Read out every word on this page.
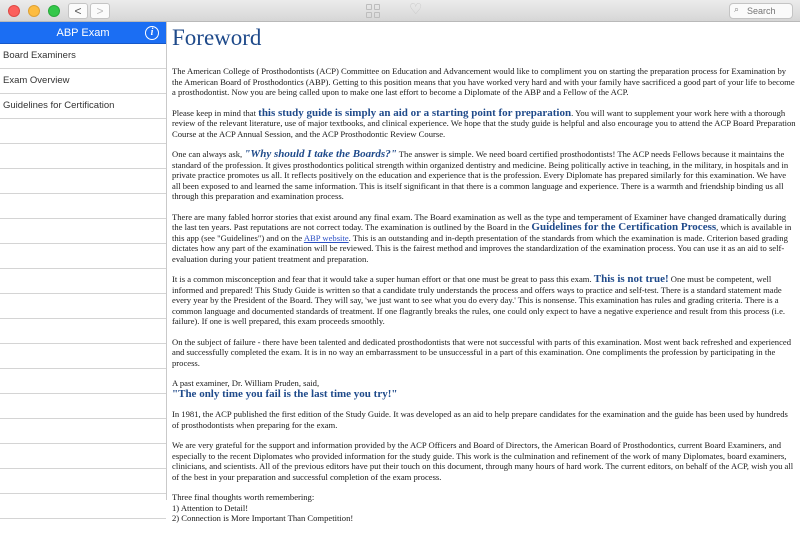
<	>	♡
Search	⌕
ABP Exam	i
Board Examiners
Exam Overview
Guidelines for Certification
Foreword

The American College of Prosthodontists (ACP) Committee on Education and Advancement would like to compliment you on starting the preparation process for Examination by the American Board of Prosthodontics (ABP). Getting to this position means that you have worked very hard and with your family have sacrificed a good part of your life to become a prosthodontist. Now you are being called upon to make one last effort to become a Diplomate of the ABP and a Fellow of the ACP.

Please keep in mind that this study guide is simply an aid or a starting point for preparation. You will want to supplement your work here with a thorough review of the relevant literature, use of major textbooks, and clinical experience. We hope that the study guide is helpful and also encourage you to attend the ACP Board Preparation Course at the ACP Annual Session, and the ACP Prosthodontic Review Course.

One can always ask, "Why should I take the Boards?" The answer is simple. We need board certified prosthodontists! The ACP needs Fellows because it maintains the standard of the profession. It gives prosthodontics political strength within organized dentistry and medicine. Being politically active in teaching, in the military, in hospitals and in private practice promotes us all. It reflects positively on the education and experience that is the profession. Every Diplomate has prepared similarly for this examination. We have all been exposed to and learned the same information. This is itself significant in that there is a common language and experience. There is a warmth and friendship binding us all through this preparation and examination process.

There are many fabled horror stories that exist around any final exam. The Board examination as well as the type and temperament of Examiner have changed dramatically during the last ten years. Past reputations are not correct today. The examination is outlined by the Board in the Guidelines for the Certification Process, which is available in this app (see "Guidelines") and on the ABP website. This is an outstanding and in-depth presentation of the standards from which the examination is made. Criterion based grading dictates how any part of the examination will be reviewed. This is the fairest method and improves the standardization of the examination process. You can use it as an aid to self-evaluation during your patient treatment and preparation.

It is a common misconception and fear that it would take a super human effort or that one must be great to pass this exam. This is not true! One must be competent, well informed and prepared! This Study Guide is written so that a candidate truly understands the process and offers ways to practice and self-test. There is a standard statement made every year by the President of the Board. They will say, 'we just want to see what you do every day.' This is nonsense. This examination has rules and grading criteria. There is a common language and documented standards of treatment. If one flagrantly breaks the rules, one could only expect to have a negative experience and result from this process (i.e. failure). If one is well prepared, this exam proceeds smoothly.

On the subject of failure - there have been talented and dedicated prosthodontists that were not successful with parts of this examination. Most went back refreshed and experienced and successfully completed the exam. It is in no way an embarrassment to be unsuccessful in a part of this examination. One compliments the profession by participating in the process.

A past examiner, Dr. William Pruden, said,
"The only time you fail is the last time you try!"

In 1981, the ACP published the first edition of the Study Guide. It was developed as an aid to help prepare candidates for the examination and the guide has been used by hundreds of prosthodontists when preparing for the exam.

We are very grateful for the support and information provided by the ACP Officers and Board of Directors, the American Board of Prosthodontics, current Board Examiners, and especially to the recent Diplomates who provided information for the study guide. This work is the culmination and refinement of the work of many Diplomates, board examiners, clinicians, and scientists. All of the previous editors have put their touch on this document, through many hours of hard work. The current editors, on behalf of the ACP, wish you all of the best in your preparation and successful completion of the exam process.

Three final thoughts worth remembering:
1) Attention to Detail!
2) Connection is More Important Than Competition!
